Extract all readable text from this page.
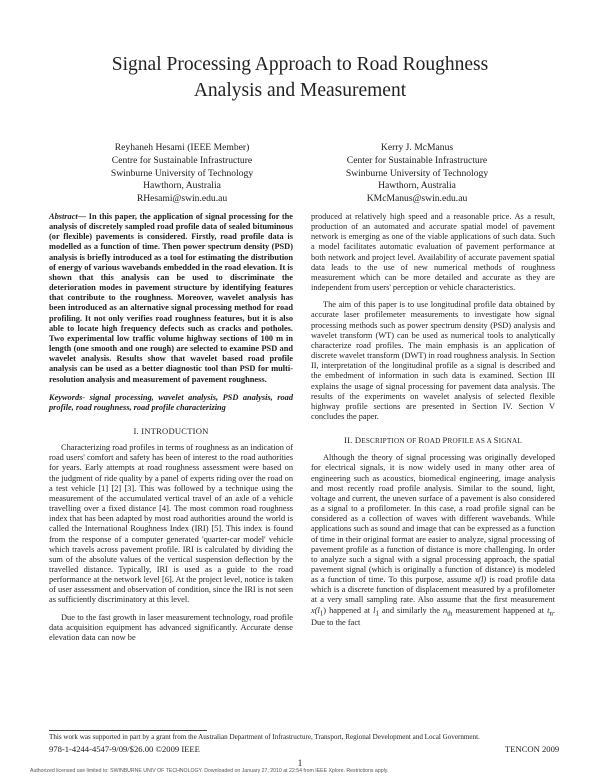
Signal Processing Approach to Road Roughness
Analysis and Measurement
Reyhaneh Hesami (IEEE Member)
Centre for Sustainable Infrastructure
Swinburne University of Technology
Hawthorn, Australia
RHesami@swin.edu.au
Kerry J. McManus
Center for Sustainable Infrastructure
Swinburne University of Technology
Hawthorn, Australia
KMcManus@swin.edu.au

Abstract— In this paper, the application of signal processing for the analysis of discretely sampled road profile data of sealed bituminous (or flexible) pavements is considered. Firstly, road profile data is modelled as a function of time. Then power spectrum density (PSD) analysis is briefly introduced as a tool for estimating the distribution of energy of various wavebands embedded in the road elevation. It is shown that this analysis can be used to discriminate the deterioration modes in pavement structure by identifying features that contribute to the roughness. Moreover, wavelet analysis has been introduced as an alternative signal processing method for road profiling. It not only verifies road roughness features, but it is also able to locate high frequency defects such as cracks and potholes. Two experimental low traffic volume highway sections of 100 m in length (one smooth and one rough) are selected to examine PSD and wavelet analysis. Results show that wavelet based road profile analysis can be used as a better diagnostic tool than PSD for multi-resolution analysis and measurement of pavement roughness.

Keywords- signal processing, wavelet analysis, PSD analysis, road profile, road roughness, road profile characterizing

I. INTRODUCTION

Characterizing road profiles in terms of roughness as an indication of road users' comfort and safety has been of interest to the road authorities for years. Early attempts at road roughness assessment were based on the judgment of ride quality by a panel of experts riding over the road on a test vehicle [1] [2] [3]. This was followed by a technique using the measurement of the accumulated vertical travel of an axle of a vehicle travelling over a fixed distance [4]. The most common road roughness index that has been adapted by most road authorities around the world is called the International Roughness Index (IRI) [5]. This index is found from the response of a computer generated 'quarter-car model' vehicle which travels across pavement profile. IRI is calculated by dividing the sum of the absolute values of the vertical suspension deflection by the travelled distance. Typically, IRI is used as a guide to the road performance at the network level [6]. At the project level, notice is taken of user assessment and observation of condition, since the IRI is not seen as sufficiently discriminatory at this level.

Due to the fast growth in laser measurement technology, road profile data acquisition equipment has advanced significantly. Accurate dense elevation data can now be

produced at relatively high speed and a reasonable price. As a result, production of an automated and accurate spatial model of pavement network is emerging as one of the viable applications of such data. Such a model facilitates automatic evaluation of pavement performance at both network and project level. Availability of accurate pavement spatial data leads to the use of new numerical methods of roughness measurement which can be more detailed and accurate as they are independent from users' perception or vehicle characteristics.

The aim of this paper is to use longitudinal profile data obtained by accurate laser profilemeter measurements to investigate how signal processing methods such as power spectrum density (PSD) analysis and wavelet transform (WT) can be used as numerical tools to analytically characterize road profiles. The main emphasis is an application of discrete wavelet transform (DWT) in road roughness analysis. In Section II, interpretation of the longitudinal profile as a signal is described and the embedment of information in such data is examined. Section III explains the usage of signal processing for pavement data analysis. The results of the experiments on wavelet analysis of selected flexible highway profile sections are presented in Section IV. Section V concludes the paper.

II. DESCRIPTION OF ROAD PROFILE AS A SIGNAL

Although the theory of signal processing was originally developed for electrical signals, it is now widely used in many other area of engineering such as acoustics, biomedical engineering, image analysis and most recently road profile analysis. Similar to the sound, light, voltage and current, the uneven surface of a pavement is also considered as a signal to a profilometer. In this case, a road profile signal can be considered as a collection of waves with different wavebands. While applications such as sound and image that can be expressed as a function of time in their original format are easier to analyze, signal processing of pavement profile as a function of distance is more challenging. In order to analyze such a signal with a signal processing approach, the spatial pavement signal (which is originally a function of distance) is modeled as a function of time. To this purpose, assume x(l) is road profile data which is a discrete function of displacement measured by a profilometer at a very small sampling rate. Also assume that the first measurement $x(l_1)$ happened at $l_1$ and similarly the $n_{th}$ measurement happened at $t_n$. Due to the fact

This work was supported in part by a grant from the Australian Department of Infrastructure, Transport, Regional Development and Local Government.
978-1-4244-4547-9/09/$26.00 ©2009 IEEE	TENCON 2009
1
Authorized licensed use limited to: SWINBURNE UNIV OF TECHNOLOGY. Downloaded on January 27, 2010 at 22:54 from IEEE Xplore. Restrictions apply.
